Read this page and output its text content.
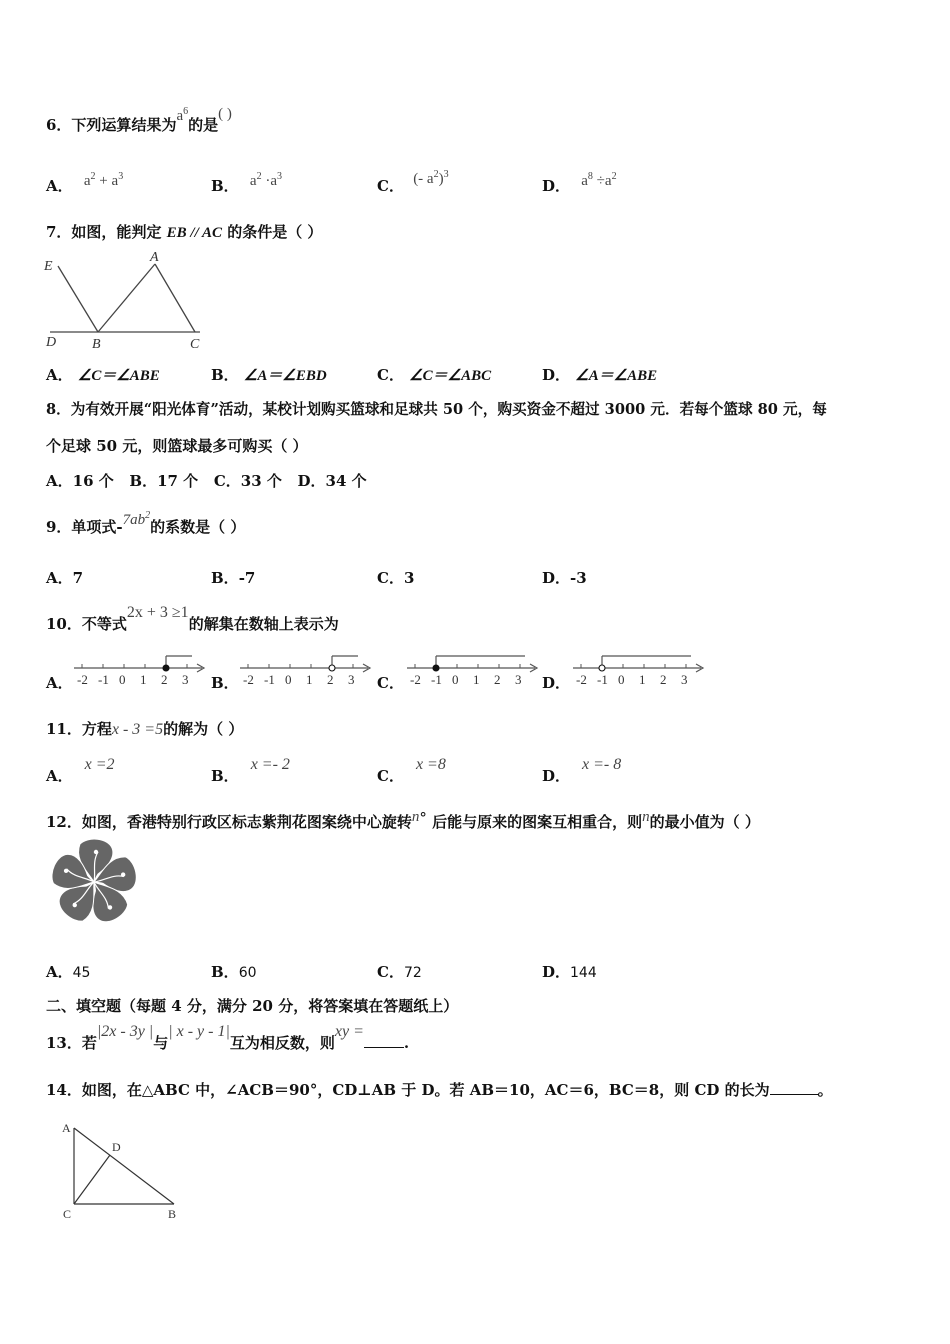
6．下列运算结果为$a^6$的是( )
A． $a^2 + a^3$
B． $a^2 \cdot a^3$
C． (- $a^2)^3$
D． $a^8 \div a^2$
7．如图，能判定 EB // AC 的条件是（ ）
E
A
D	B	C
A． ∠C＝∠ABE	B． ∠A＝∠EBD	C． ∠C＝∠ABC	D． ∠A＝∠ABE
8．为有效开展“阳光体育”活动，某校计划购买篮球和足球共 50 个，购买资金不超过 3000 元．若每个篮球 80 元，每
个足球 50 元，则篮球最多可购买（ ）
A．16 个   B．17 个   C．33 个   D．34 个
9．单项式$-7ab^2$的系数是（ ）
A．7	B．-7	C．3	D．-3
10．不等式2x + 3 ≥1的解集在数轴上表示为
A．	B．	C．	D．
-2 -1 0 1 2 3	-2 -1 0 1 2 3	-2 -1 0 1 2 3	-2 -1 0 1 2 3
11．方程x - 3 =5的解为（ ）
A．x =2
B．x =- 2
C．x =8
D．x =- 8
12．如图，香港特别行政区标志紫荆花图案绕中心旋转n° 后能与原来的图案互相重合，则n的最小值为（ ）
A．45	B．60	C．72	D．144
二、填空题（每题 4 分，满分 20 分，将答案填在答题纸上）
13．若|2x - 3y |与| x - y - 1|互为相反数，则xy =.
14．如图，在△ABC 中，∠ACB＝90°，CD⊥AB 于 D。若 AB＝10，AC＝6，BC＝8，则 CD 的长为	。
A
D
C	B
